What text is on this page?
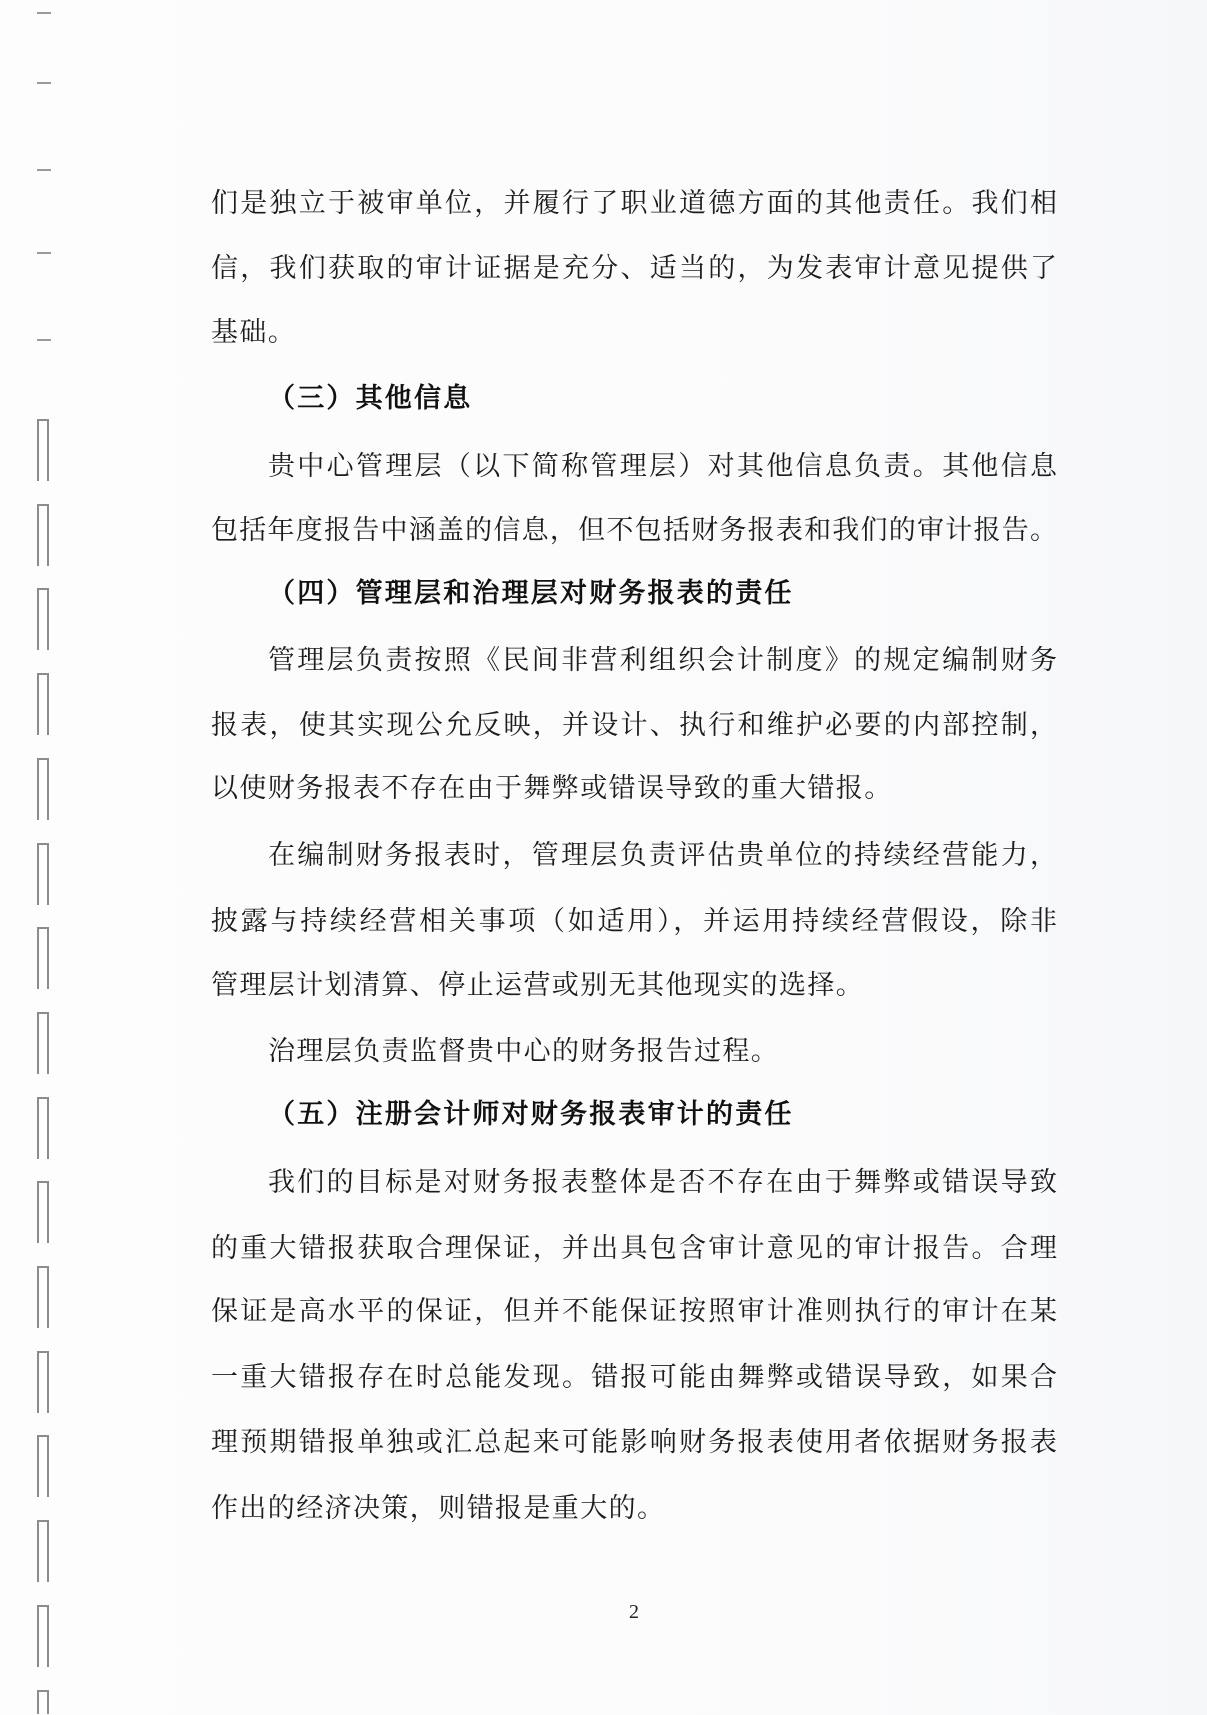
们是独立于被审单位，并履行了职业道德方面的其他责任。我们相
信，我们获取的审计证据是充分、适当的，为发表审计意见提供了
基础。
（三）其他信息
贵中心管理层（以下简称管理层）对其他信息负责。其他信息
包括年度报告中涵盖的信息，但不包括财务报表和我们的审计报告。
（四）管理层和治理层对财务报表的责任
管理层负责按照《民间非营利组织会计制度》的规定编制财务
报表，使其实现公允反映，并设计、执行和维护必要的内部控制，
以使财务报表不存在由于舞弊或错误导致的重大错报。
在编制财务报表时，管理层负责评估贵单位的持续经营能力，
披露与持续经营相关事项（如适用），并运用持续经营假设，除非
管理层计划清算、停止运营或别无其他现实的选择。
治理层负责监督贵中心的财务报告过程。
（五）注册会计师对财务报表审计的责任
我们的目标是对财务报表整体是否不存在由于舞弊或错误导致
的重大错报获取合理保证，并出具包含审计意见的审计报告。合理
保证是高水平的保证，但并不能保证按照审计准则执行的审计在某
一重大错报存在时总能发现。错报可能由舞弊或错误导致，如果合
理预期错报单独或汇总起来可能影响财务报表使用者依据财务报表
作出的经济决策，则错报是重大的。
2
